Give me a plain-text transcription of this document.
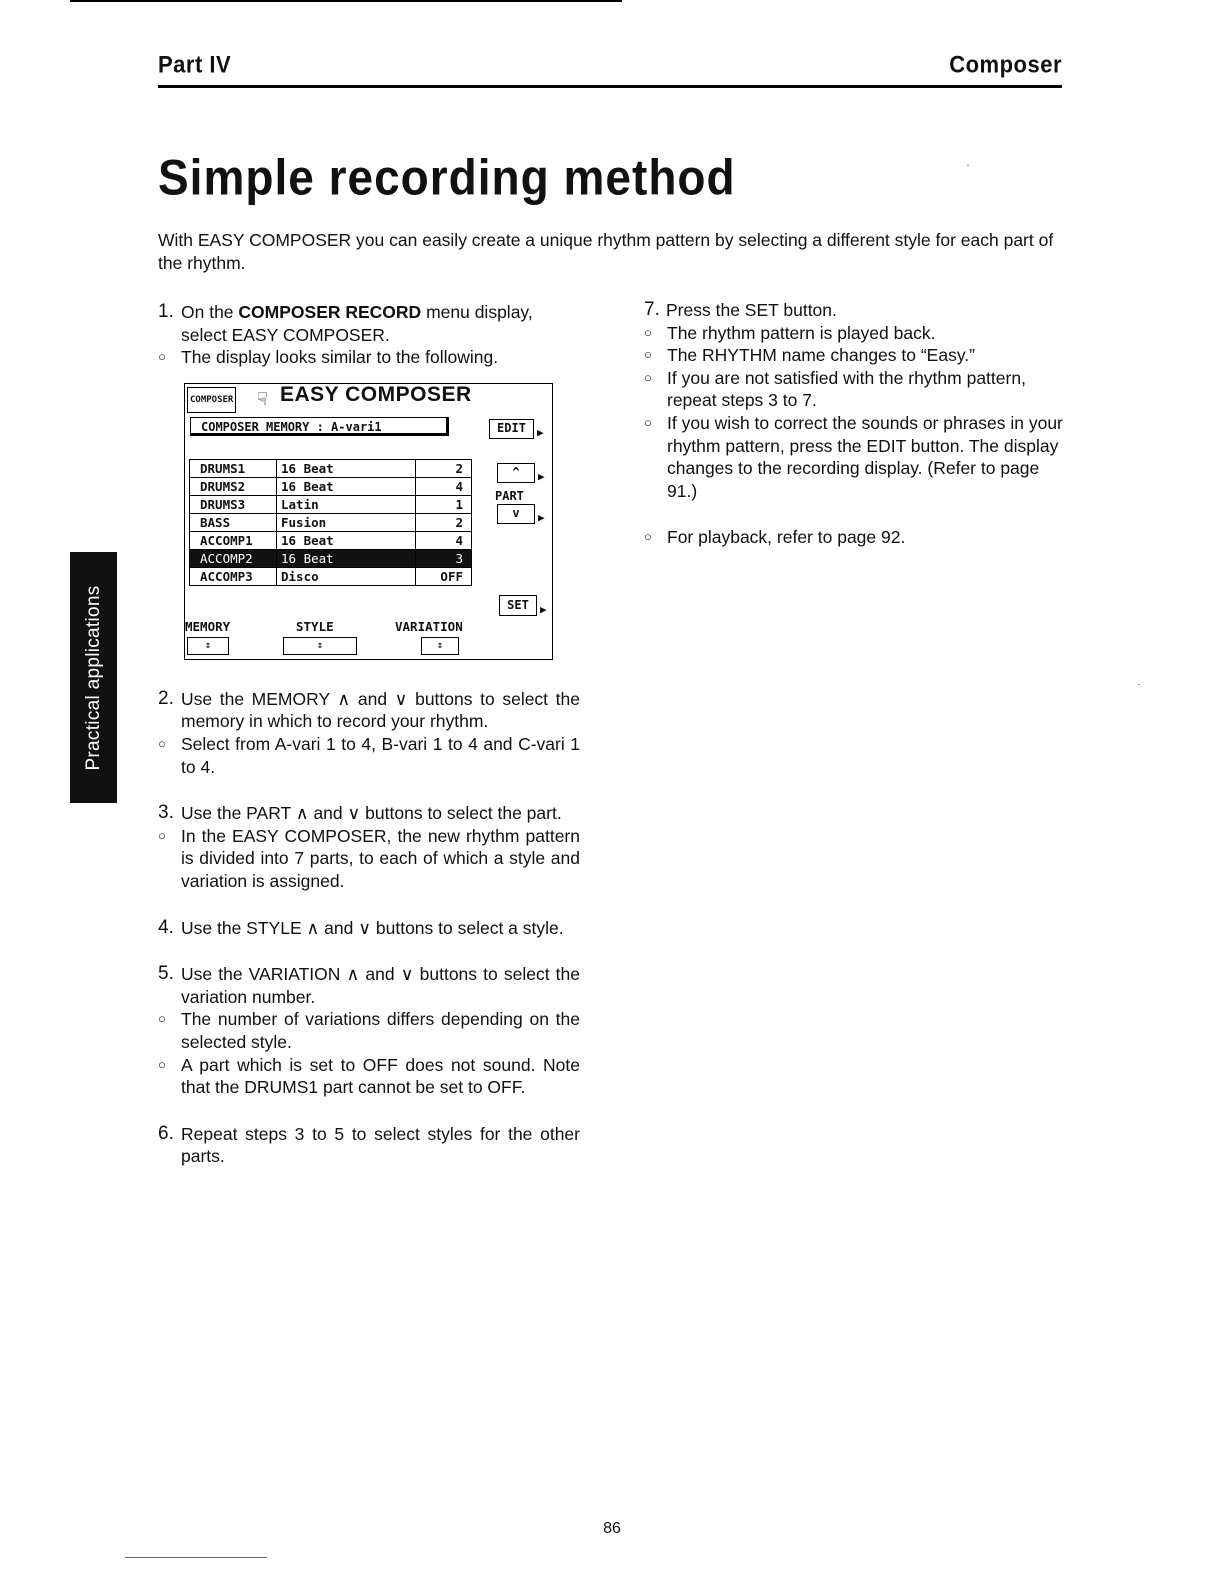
Part IV	Composer
Simple recording method

With EASY COMPOSER you can easily create a unique rhythm pattern by selecting a different style for each part of the rhythm.

Practical applications
1. On the COMPOSER RECORD menu display, select EASY COMPOSER.
○ The display looks similar to the following.
COMPOSER ☟ EASY COMPOSER
COMPOSER MEMORY : A-vari1	EDIT	▶
DRUMS1	16 Beat	2
DRUMS2	16 Beat	4
DRUMS3	Latin	1
BASS	Fusion	2
ACCOMP1	16 Beat	4
ACCOMP2	16 Beat	3
ACCOMP3	Disco	OFF
^	▶
PART
v	▶
SET	▶
MEMORY	STYLE	VARIATION
⇕	⇕	⇕
2. Use the MEMORY ∧ and ∨ buttons to select the memory in which to record your rhythm.
○ Select from A-vari 1 to 4, B-vari 1 to 4 and C-vari 1 to 4.
3. Use the PART ∧ and ∨ buttons to select the part.
○ In the EASY COMPOSER, the new rhythm pattern is divided into 7 parts, to each of which a style and variation is assigned.
4. Use the STYLE ∧ and ∨ buttons to select a style.
5. Use the VARIATION ∧ and ∨ buttons to select the variation number.
○ The number of variations differs depending on the selected style.
○ A part which is set to OFF does not sound. Note that the DRUMS1 part cannot be set to OFF.
6. Repeat steps 3 to 5 to select styles for the other parts.
7. Press the SET button.
○ The rhythm pattern is played back.
○ The RHYTHM name changes to “Easy.”
○ If you are not satisfied with the rhythm pattern, repeat steps 3 to 7.
○ If you wish to correct the sounds or phrases in your rhythm pattern, press the EDIT button. The display changes to the recording display. (Refer to page 91.)
○ For playback, refer to page 92.
86
